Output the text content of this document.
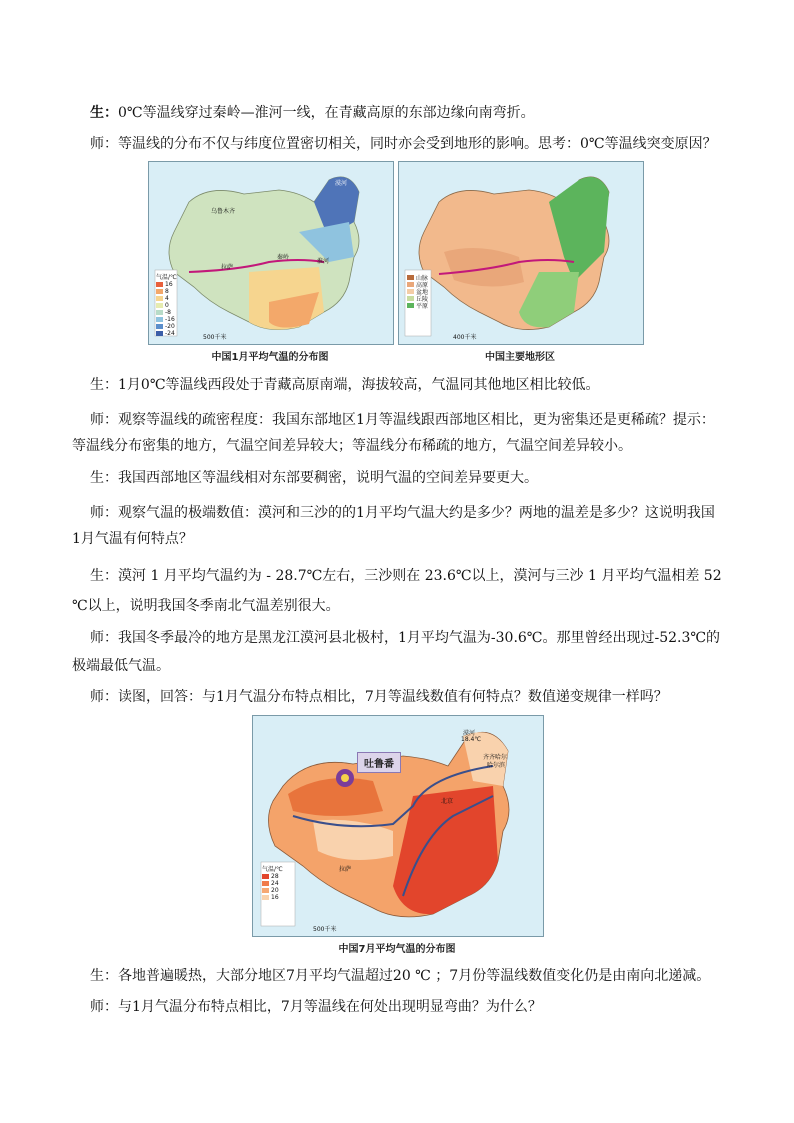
生：0℃等温线穿过秦岭—淮河一线，在青藏高原的东部边缘向南弯折。
师：等温线的分布不仅与纬度位置密切相关，同时亦会受到地形的影响。思考：0℃等温线突变原因？
乌鲁木齐
拉萨
秦岭
淮河
漠河
气温/℃
16
8
4
0
-8
-16
-20
-24
500千米
中国1月平均气温的分布图
山脉
高原
盆地
丘陵
平原
400千米
中国主要地形区
生：1月0℃等温线西段处于青藏高原南端，海拔较高，气温同其他地区相比较低。
师：观察等温线的疏密程度：我国东部地区1月等温线跟西部地区相比，更为密集还是更稀疏？提示：等温线分布密集的地方，气温空间差异较大；等温线分布稀疏的地方，气温空间差异较小。
生：我国西部地区等温线相对东部要稠密，说明气温的空间差异要更大。
师：观察气温的极端数值：漠河和三沙的的1月平均气温大约是多少？两地的温差是多少？这说明我国1月气温有何特点？
生：漠河 1 月平均气温约为 - 28.7℃左右，三沙则在 23.6℃以上，漠河与三沙 1 月平均气温相差 52 ℃以上，说明我国冬季南北气温差别很大。
师：我国冬季最冷的地方是黑龙江漠河县北极村，1月平均气温为-30.6℃。那里曾经出现过-52.3℃的极端最低气温。
师：读图，回答：与1月气温分布特点相比，7月等温线数值有何特点？数值递变规律一样吗？
吐鲁番
漠河
18.4℃
齐齐哈尔
哈尔滨
北京
拉萨
气温/℃
28
24
20
16
500千米
中国7月平均气温的分布图
生：各地普遍暖热，大部分地区7月平均气温超过20 ℃ ；7月份等温线数值变化仍是由南向北递减。
师：与1月气温分布特点相比，7月等温线在何处出现明显弯曲？为什么？
